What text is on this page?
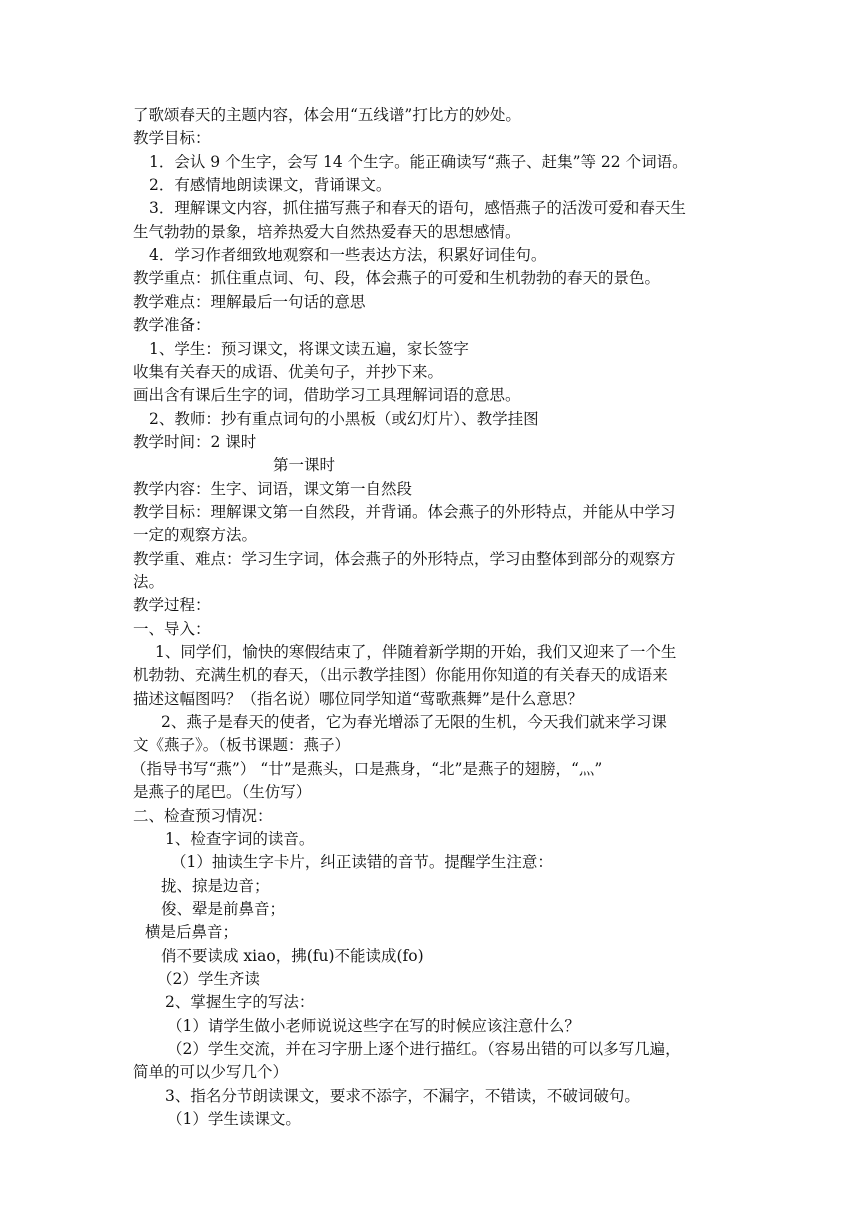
了歌颂春天的主题内容，体会用“五线谱”打比方的妙处。
教学目标：
1．会认 9 个生字，会写 14 个生字。能正确读写“燕子、赶集”等 22 个词语。
2．有感情地朗读课文，背诵课文。
3．理解课文内容，抓住描写燕子和春天的语句，感悟燕子的活泼可爱和春天生
生气勃勃的景象，培养热爱大自然热爱春天的思想感情。
4．学习作者细致地观察和一些表达方法，积累好词佳句。
教学重点：抓住重点词、句、段，体会燕子的可爱和生机勃勃的春天的景色。
教学难点：理解最后一句话的意思
教学准备：
1、学生：预习课文，将课文读五遍，家长签字
收集有关春天的成语、优美句子，并抄下来。
画出含有课后生字的词，借助学习工具理解词语的意思。
2、教师：抄有重点词句的小黑板（或幻灯片）、教学挂图
教学时间：2 课时
第一课时
教学内容：生字、词语，课文第一自然段
教学目标：理解课文第一自然段，并背诵。体会燕子的外形特点，并能从中学习
一定的观察方法。
教学重、难点：学习生字词，体会燕子的外形特点，学习由整体到部分的观察方
法。
教学过程：
一、导入：
1、同学们，愉快的寒假结束了，伴随着新学期的开始，我们又迎来了一个生
机勃勃、充满生机的春天，（出示教学挂图）你能用你知道的有关春天的成语来
描述这幅图吗？（指名说）哪位同学知道“莺歌燕舞”是什么意思？
2、燕子是春天的使者，它为春光增添了无限的生机，今天我们就来学习课
文《燕子》。（板书课题：燕子）
（指导书写“燕”） “廿”是燕头，口是燕身，“北”是燕子的翅膀，“灬”
是燕子的尾巴。（生仿写）
二、检查预习情况：
1、检查字词的读音。
（1）抽读生字卡片，纠正读错的音节。提醒学生注意：
拢、掠是边音；
俊、翚是前鼻音；
横是后鼻音；
俏不要读成 xiao，拂(fu)不能读成(fo)
（2）学生齐读
2、掌握生字的写法：
（1）请学生做小老师说说这些字在写的时候应该注意什么？
（2）学生交流，并在习字册上逐个进行描红。（容易出错的可以多写几遍，
简单的可以少写几个）
3、指名分节朗读课文，要求不添字，不漏字，不错读，不破词破句。
（1）学生读课文。
